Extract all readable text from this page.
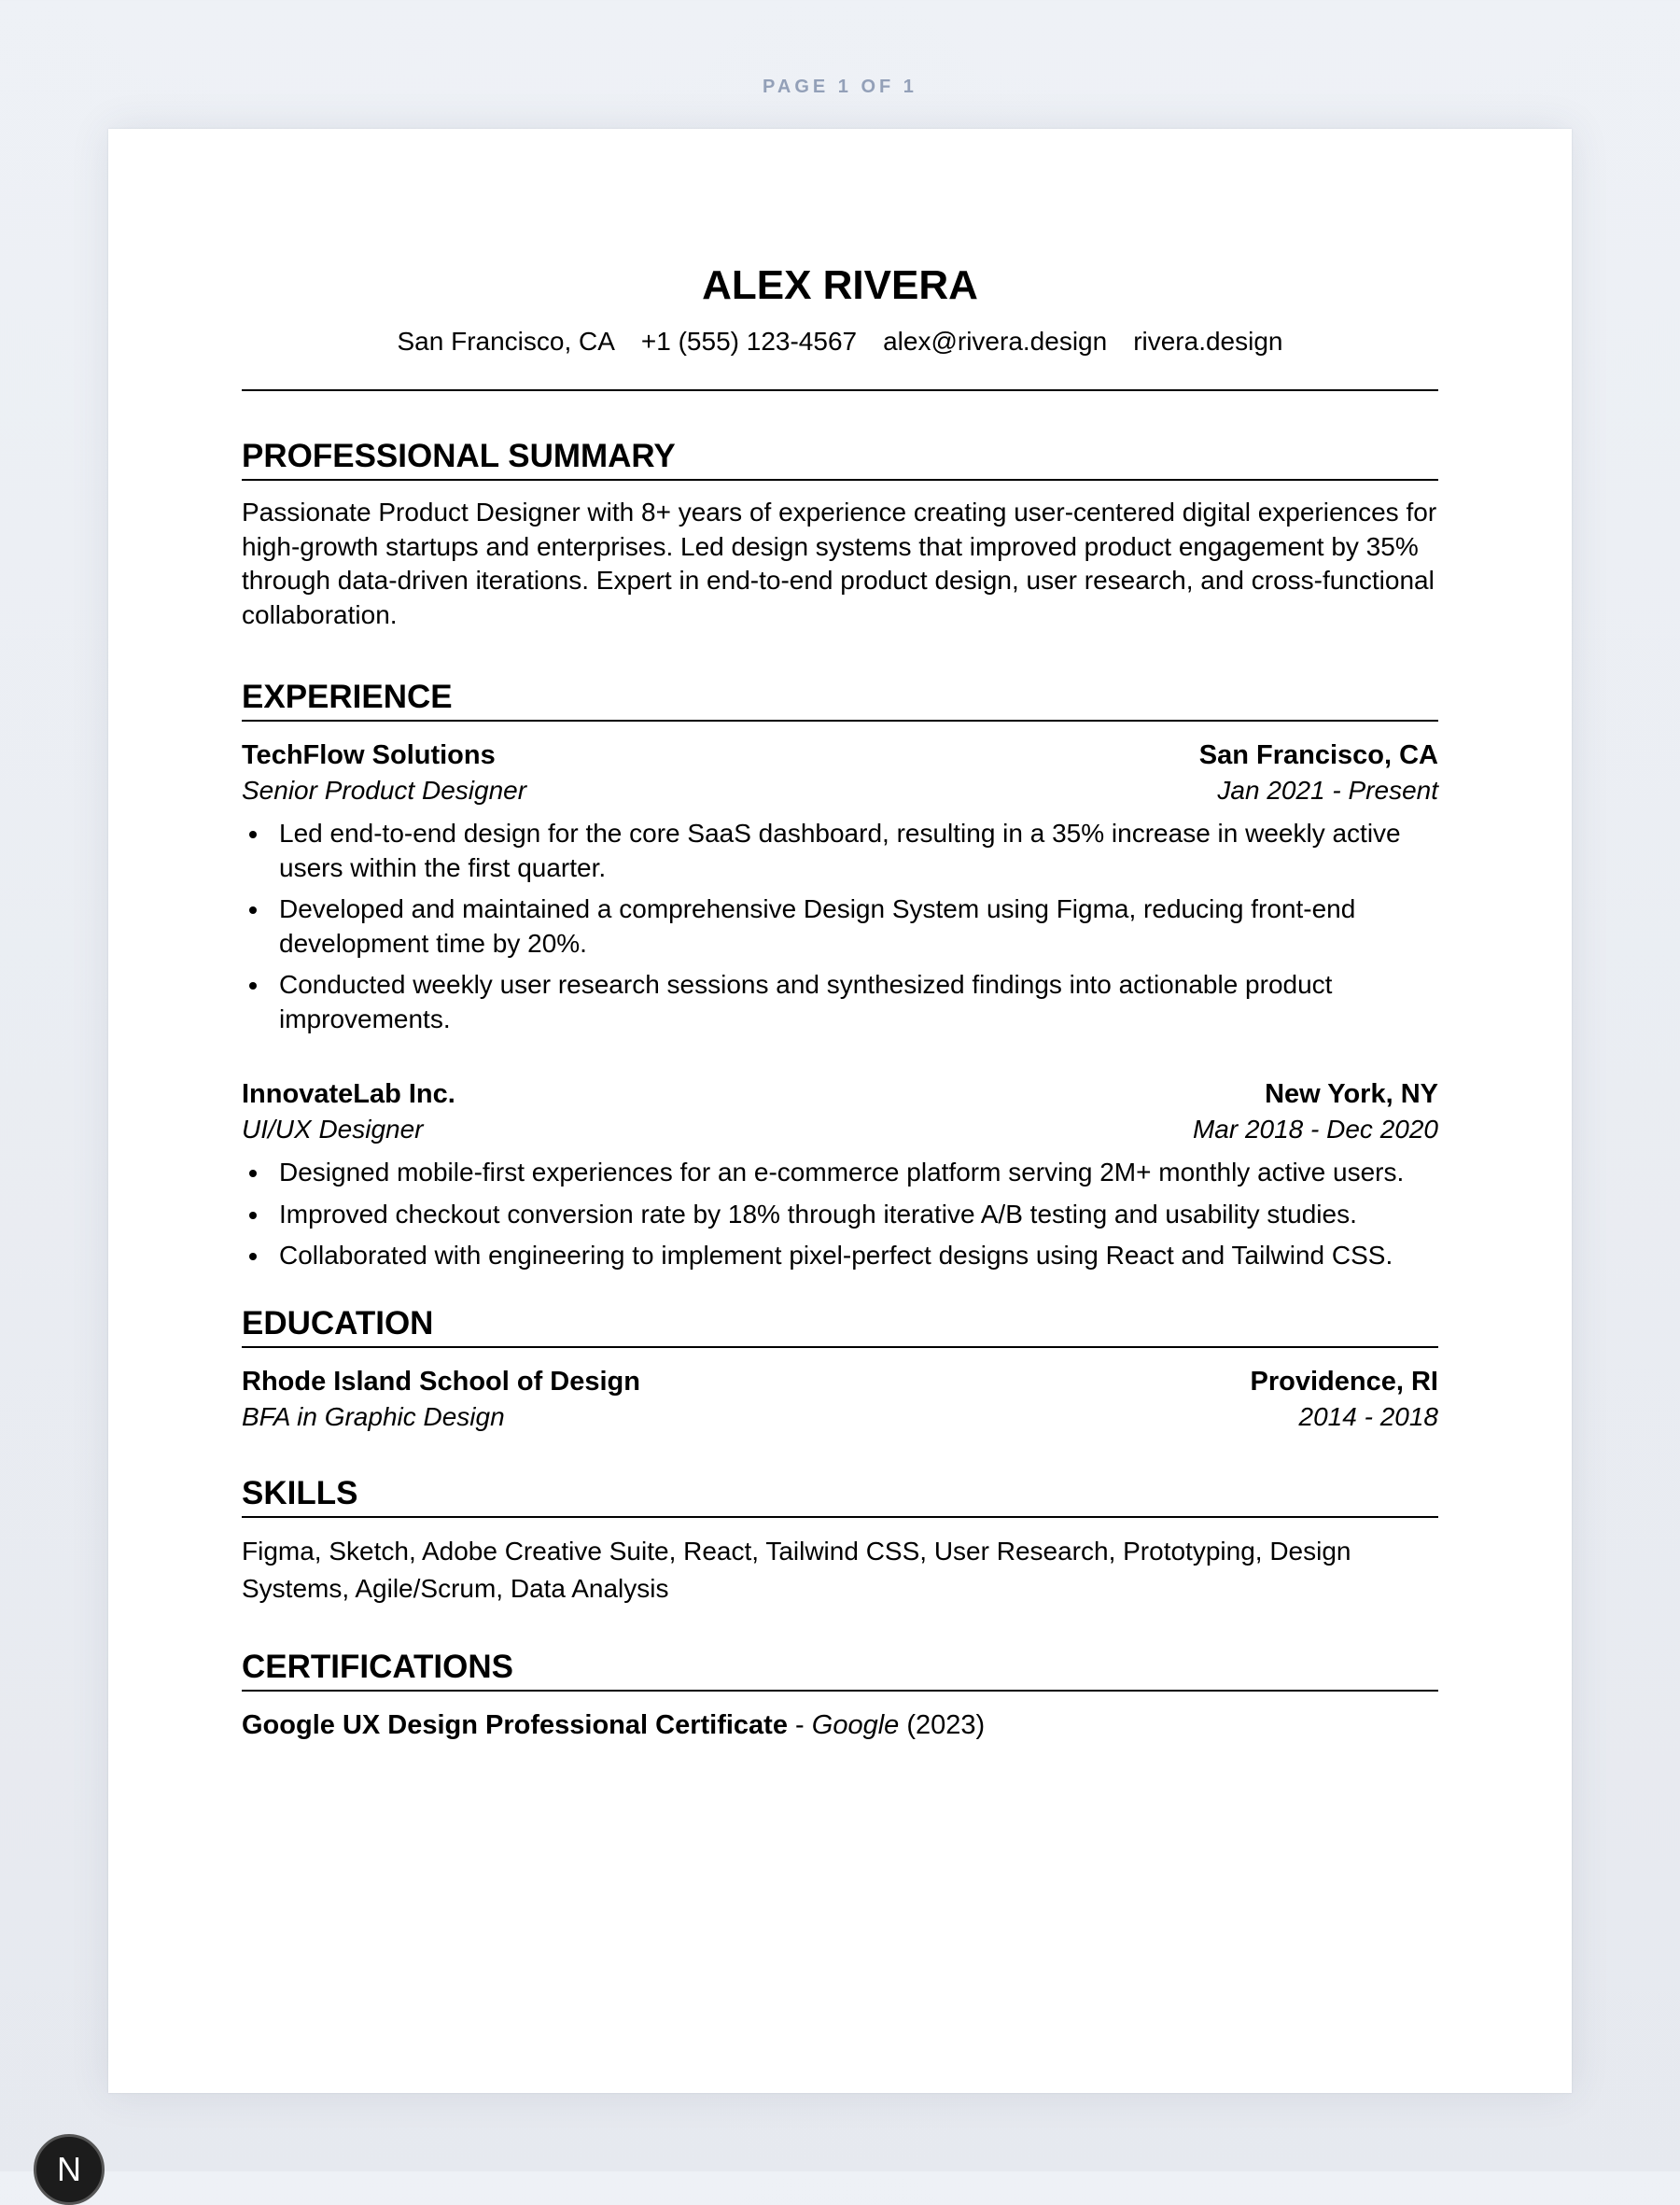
PAGE 1 OF 1
ALEX RIVERA
San Francisco, CA +1 (555) 123-4567 alex@rivera.design rivera.design
PROFESSIONAL SUMMARY
Passionate Product Designer with 8+ years of experience creating user-centered digital experiences for high-growth startups and enterprises. Led design systems that improved product engagement by 35% through data-driven iterations. Expert in end-to-end product design, user research, and cross-functional collaboration.
EXPERIENCE
TechFlow Solutions	San Francisco, CA
Senior Product Designer	Jan 2021 - Present
Led end-to-end design for the core SaaS dashboard, resulting in a 35% increase in weekly active users within the first quarter.
Developed and maintained a comprehensive Design System using Figma, reducing front-end development time by 20%.
Conducted weekly user research sessions and synthesized findings into actionable product improvements.
InnovateLab Inc.	New York, NY
UI/UX Designer	Mar 2018 - Dec 2020
Designed mobile-first experiences for an e-commerce platform serving 2M+ monthly active users.
Improved checkout conversion rate by 18% through iterative A/B testing and usability studies.
Collaborated with engineering to implement pixel-perfect designs using React and Tailwind CSS.
EDUCATION
Rhode Island School of Design	Providence, RI
BFA in Graphic Design	2014 - 2018
SKILLS
Figma, Sketch, Adobe Creative Suite, React, Tailwind CSS, User Research, Prototyping, Design Systems, Agile/Scrum, Data Analysis
CERTIFICATIONS
Google UX Design Professional Certificate - Google (2023)
N
